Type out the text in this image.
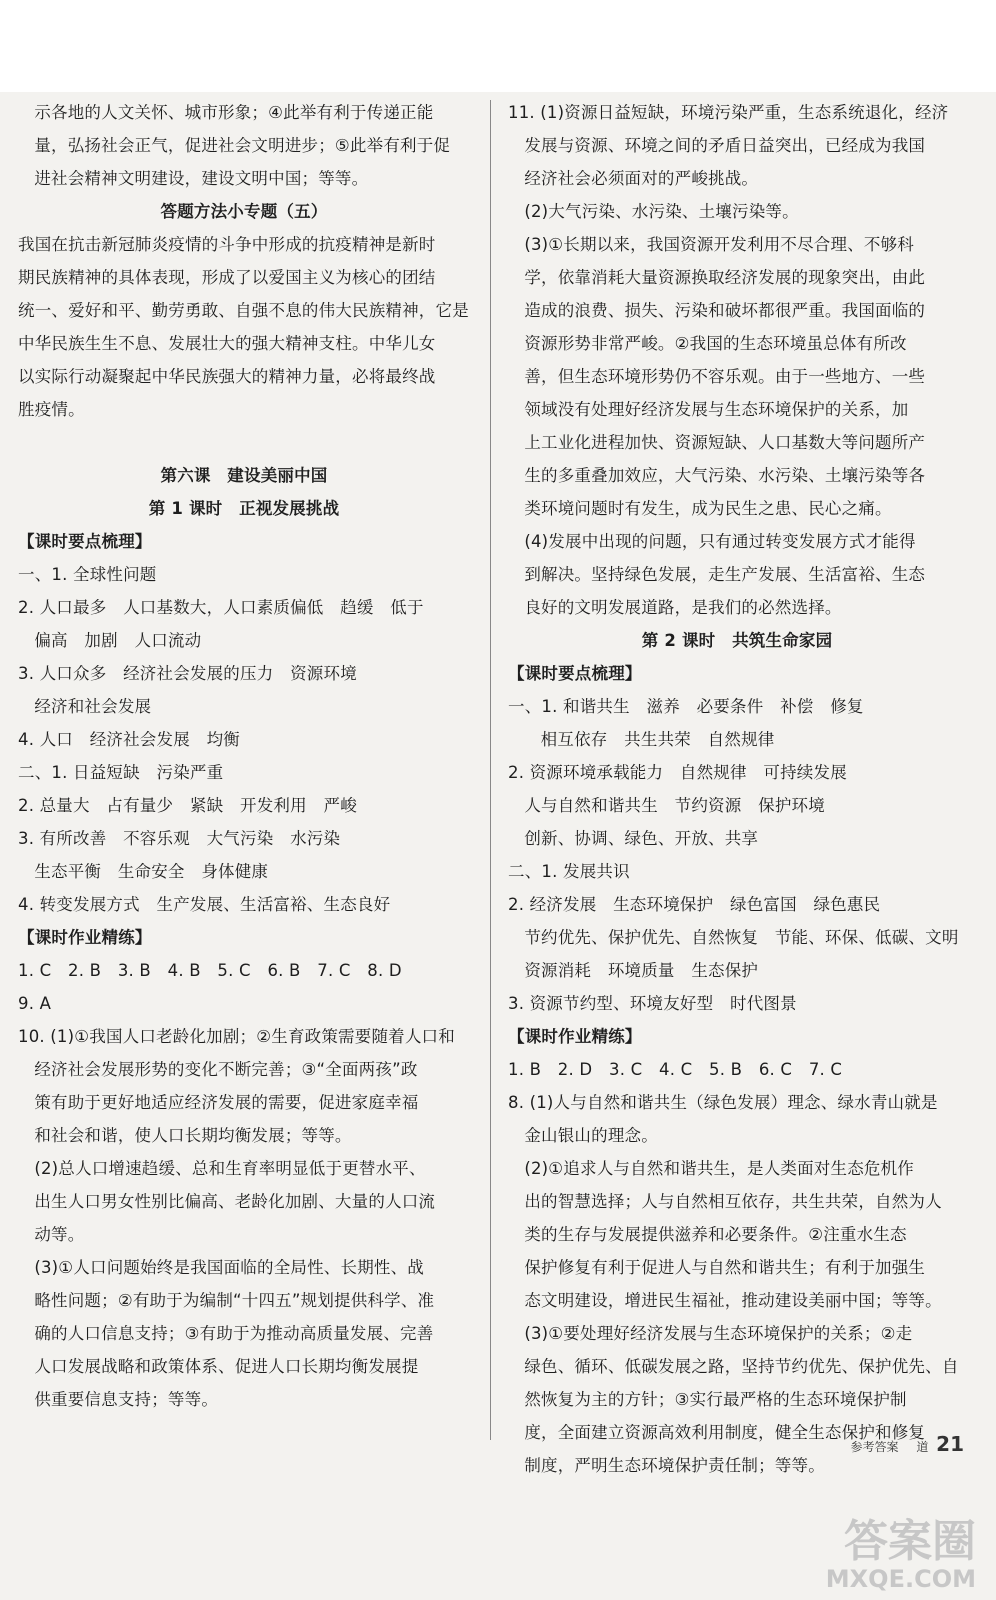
示各地的人文关怀、城市形象；④此举有利于传递正能
量，弘扬社会正气，促进社会文明进步；⑤此举有利于促
进社会精神文明建设，建设文明中国；等等。
答题方法小专题（五）
我国在抗击新冠肺炎疫情的斗争中形成的抗疫精神是新时
期民族精神的具体表现，形成了以爱国主义为核心的团结
统一、爱好和平、勤劳勇敢、自强不息的伟大民族精神，它是
中华民族生生不息、发展壮大的强大精神支柱。中华儿女
以实际行动凝聚起中华民族强大的精神力量，必将最终战
胜疫情。

第六课　建设美丽中国
第 1 课时　正视发展挑战
【课时要点梳理】
一、1. 全球性问题
2. 人口最多　人口基数大，人口素质偏低　趋缓　低于
偏高　加剧　人口流动
3. 人口众多　经济社会发展的压力　资源环境
经济和社会发展
4. 人口　经济社会发展　均衡
二、1. 日益短缺　污染严重
2. 总量大　占有量少　紧缺　开发利用　严峻
3. 有所改善　不容乐观　大气污染　水污染
生态平衡　生命安全　身体健康
4. 转变发展方式　生产发展、生活富裕、生态良好
【课时作业精练】
1. C　2. B　3. B　4. B　5. C　6. B　7. C　8. D
9. A
10. (1)①我国人口老龄化加剧；②生育政策需要随着人口和
经济社会发展形势的变化不断完善；③“全面两孩”政
策有助于更好地适应经济发展的需要，促进家庭幸福
和社会和谐，使人口长期均衡发展；等等。
(2)总人口增速趋缓、总和生育率明显低于更替水平、
出生人口男女性别比偏高、老龄化加剧、大量的人口流
动等。
(3)①人口问题始终是我国面临的全局性、长期性、战
略性问题；②有助于为编制“十四五”规划提供科学、准
确的人口信息支持；③有助于为推动高质量发展、完善
人口发展战略和政策体系、促进人口长期均衡发展提
供重要信息支持；等等。
11. (1)资源日益短缺，环境污染严重，生态系统退化，经济
发展与资源、环境之间的矛盾日益突出，已经成为我国
经济社会必须面对的严峻挑战。
(2)大气污染、水污染、土壤污染等。
(3)①长期以来，我国资源开发利用不尽合理、不够科
学，依靠消耗大量资源换取经济发展的现象突出，由此
造成的浪费、损失、污染和破坏都很严重。我国面临的
资源形势非常严峻。②我国的生态环境虽总体有所改
善，但生态环境形势仍不容乐观。由于一些地方、一些
领域没有处理好经济发展与生态环境保护的关系，加
上工业化进程加快、资源短缺、人口基数大等问题所产
生的多重叠加效应，大气污染、水污染、土壤污染等各
类环境问题时有发生，成为民生之患、民心之痛。
(4)发展中出现的问题，只有通过转变发展方式才能得
到解决。坚持绿色发展，走生产发展、生活富裕、生态
良好的文明发展道路，是我们的必然选择。
第 2 课时　共筑生命家园
【课时要点梳理】
一、1. 和谐共生　滋养　必要条件　补偿　修复
相互依存　共生共荣　自然规律
2. 资源环境承载能力　自然规律　可持续发展
人与自然和谐共生　节约资源　保护环境
创新、协调、绿色、开放、共享
二、1. 发展共识
2. 经济发展　生态环境保护　绿色富国　绿色惠民
节约优先、保护优先、自然恢复　节能、环保、低碳、文明
资源消耗　环境质量　生态保护
3. 资源节约型、环境友好型　时代图景
【课时作业精练】
1. B　2. D　3. C　4. C　5. B　6. C　7. C
8. (1)人与自然和谐共生（绿色发展）理念、绿水青山就是
金山银山的理念。
(2)①追求人与自然和谐共生，是人类面对生态危机作
出的智慧选择；人与自然相互依存，共生共荣，自然为人
类的生存与发展提供滋养和必要条件。②注重水生态
保护修复有利于促进人与自然和谐共生；有利于加强生
态文明建设，增进民生福祉，推动建设美丽中国；等等。
(3)①要处理好经济发展与生态环境保护的关系；②走
绿色、循环、低碳发展之路，坚持节约优先、保护优先、自
然恢复为主的方针；③实行最严格的生态环境保护制
度，全面建立资源高效利用制度，健全生态保护和修复
制度，严明生态环境保护责任制；等等。
参考答案 道 21
答案圈
MXQE.COM
